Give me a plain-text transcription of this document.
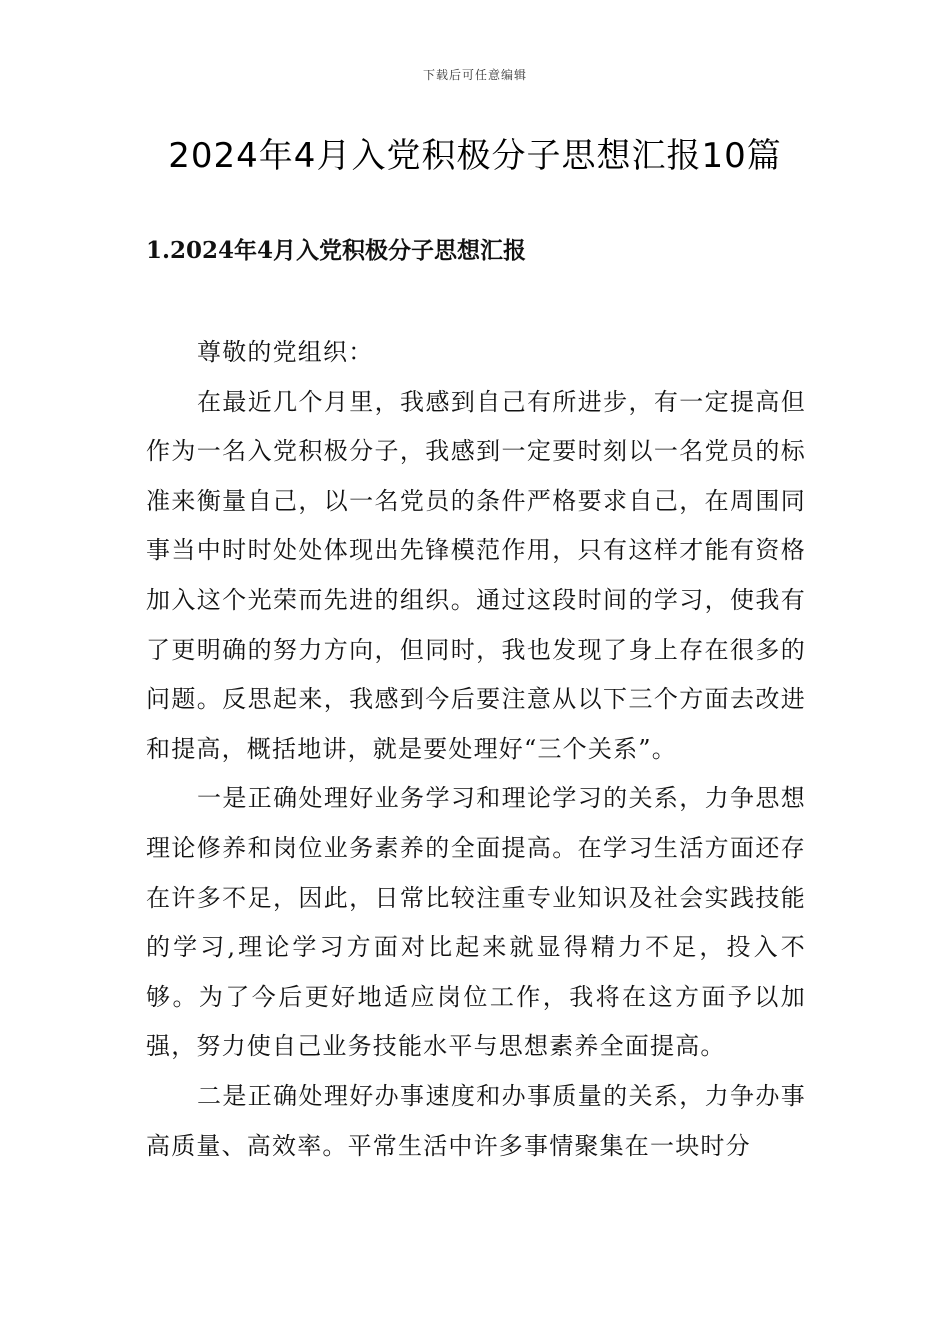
下载后可任意编辑
2024年4月入党积极分子思想汇报10篇
1.2024年4月入党积极分子思想汇报

尊敬的党组织：

在最近几个月里，我感到自己有所进步，有一定提高但作为一名入党积极分子，我感到一定要时刻以一名党员的标准来衡量自己，以一名党员的条件严格要求自己，在周围同事当中时时处处体现出先锋模范作用，只有这样才能有资格加入这个光荣而先进的组织。通过这段时间的学习，使我有了更明确的努力方向，但同时，我也发现了身上存在很多的问题。反思起来，我感到今后要注意从以下三个方面去改进和提高，概括地讲，就是要处理好“三个关系”。

一是正确处理好业务学习和理论学习的关系，力争思想理论修养和岗位业务素养的全面提高。在学习生活方面还存在许多不足，因此，日常比较注重专业知识及社会实践技能的学习,理论学习方面对比起来就显得精力不足，投入不够。为了今后更好地适应岗位工作，我将在这方面予以加强，努力使自己业务技能水平与思想素养全面提高。

二是正确处理好办事速度和办事质量的关系，力争办事高质量、高效率。平常生活中许多事情聚集在一块时分
